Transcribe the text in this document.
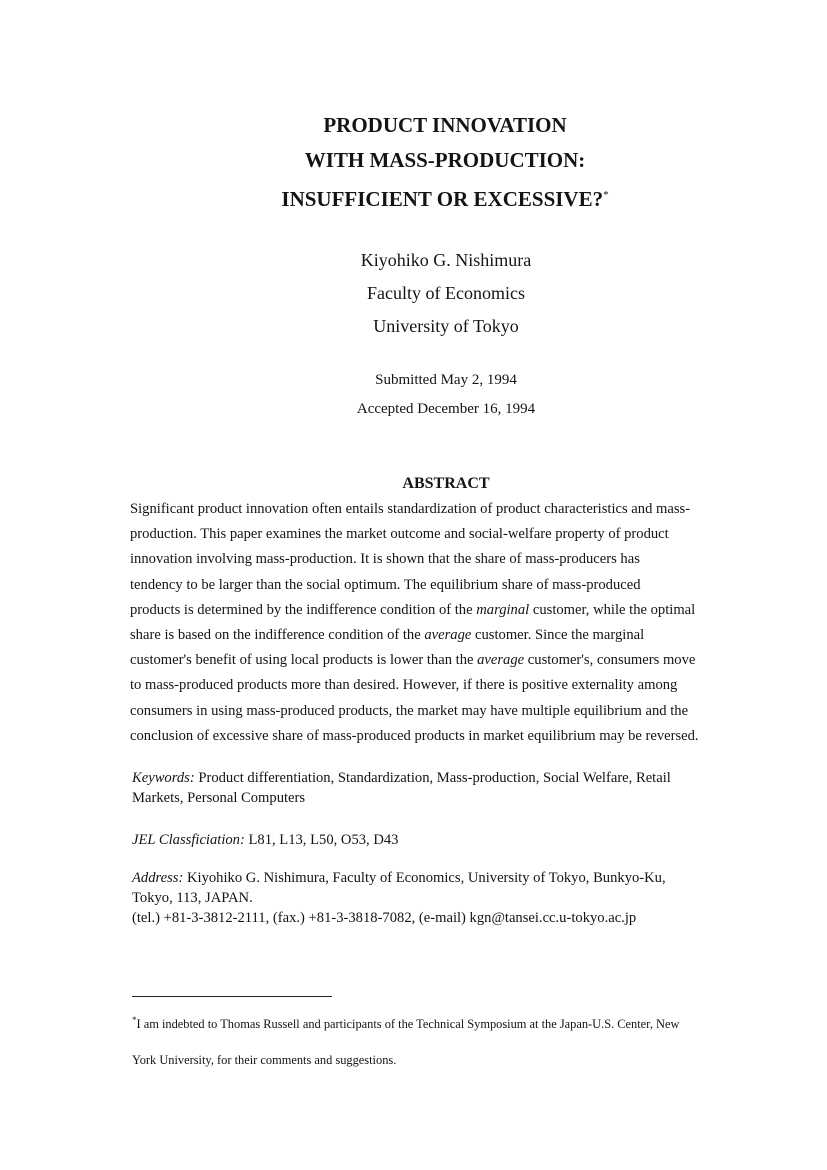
PRODUCT INNOVATION
WITH MASS-PRODUCTION:
INSUFFICIENT OR EXCESSIVE?*
Kiyohiko G. Nishimura
Faculty of Economics
University of Tokyo
Submitted May 2, 1994
Accepted December 16, 1994
ABSTRACT
Significant product innovation often entails standardization of product characteristics and mass-
production. This paper examines the market outcome and social-welfare property of product
innovation involving mass-production. It is shown that the share of mass-producers has
tendency to be larger than the social optimum. The equilibrium share of mass-produced
products is determined by the indifference condition of the marginal customer, while the optimal
share is based on the indifference condition of the average customer. Since the marginal
customer's benefit of using local products is lower than the average customer's, consumers move
to mass-produced products more than desired. However, if there is positive externality among
consumers in using mass-produced products, the market may have multiple equilibrium and the
conclusion of excessive share of mass-produced products in market equilibrium may be reversed.
Keywords: Product differentiation, Standardization, Mass-production, Social Welfare, Retail
Markets, Personal Computers
JEL Classficiation: L81, L13, L50, O53, D43
Address: Kiyohiko G. Nishimura, Faculty of Economics, University of Tokyo, Bunkyo-Ku,
Tokyo, 113, JAPAN.
(tel.) +81-3-3812-2111, (fax.) +81-3-3818-7082, (e-mail) kgn@tansei.cc.u-tokyo.ac.jp
*I am indebted to Thomas Russell and participants of the Technical Symposium at the Japan-U.S. Center, New
York University, for their comments and suggestions.
